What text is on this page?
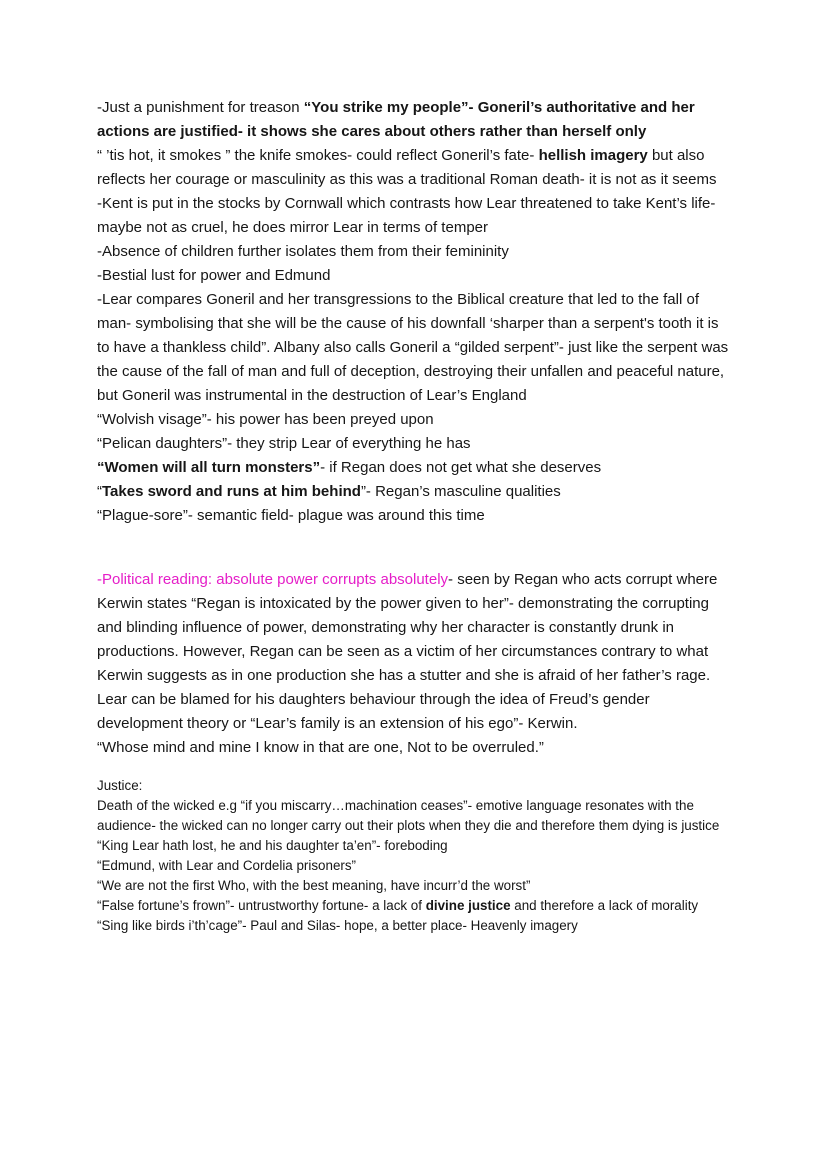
-Just a punishment for treason “You strike my people”- Goneril’s authoritative and her actions are justified- it shows she cares about others rather than herself only

“ ’tis hot, it smokes ” the knife smokes- could reflect Goneril’s fate- hellish imagery but also reflects her courage or masculinity as this was a traditional Roman death- it is not as it seems

-Kent is put in the stocks by Cornwall which contrasts how Lear threatened to take Kent’s life- maybe not as cruel, he does mirror Lear in terms of temper

-Absence of children further isolates them from their femininity

-Bestial lust for power and Edmund

-Lear compares Goneril and her transgressions to the Biblical creature that led to the fall of man- symbolising that she will be the cause of his downfall ‘sharper than a serpent's tooth it is to have a thankless child”. Albany also calls Goneril a “gilded serpent”- just like the serpent was the cause of the fall of man and full of deception, destroying their unfallen and peaceful nature, but Goneril was instrumental in the destruction of Lear’s England

“Wolvish visage”- his power has been preyed upon

“Pelican daughters”- they strip Lear of everything he has

“Women will all turn monsters”- if Regan does not get what she deserves

“Takes sword and runs at him behind”- Regan’s masculine qualities

“Plague-sore”- semantic field- plague was around this time

-Political reading: absolute power corrupts absolutely- seen by Regan who acts corrupt where Kerwin states “Regan is intoxicated by the power given to her”- demonstrating the corrupting and blinding influence of power, demonstrating why her character is constantly drunk in productions. However, Regan can be seen as a victim of her circumstances contrary to what Kerwin suggests as in one production she has a stutter and she is afraid of her father’s rage.

Lear can be blamed for his daughters behaviour through the idea of Freud’s gender development theory or “Lear’s family is an extension of his ego”- Kerwin.

“Whose mind and mine I know in that are one, Not to be overruled.”

Justice:

Death of the wicked e.g “if you miscarry…machination ceases”- emotive language resonates with the audience- the wicked can no longer carry out their plots when they die and therefore them dying is justice

“King Lear hath lost, he and his daughter ta’en”- foreboding

“Edmund, with Lear and Cordelia prisoners”

“We are not the first Who, with the best meaning, have incurr’d the worst”

“False fortune’s frown”- untrustworthy fortune- a lack of divine justice and therefore a lack of morality

“Sing like birds i’th’cage”- Paul and Silas- hope, a better place- Heavenly imagery
